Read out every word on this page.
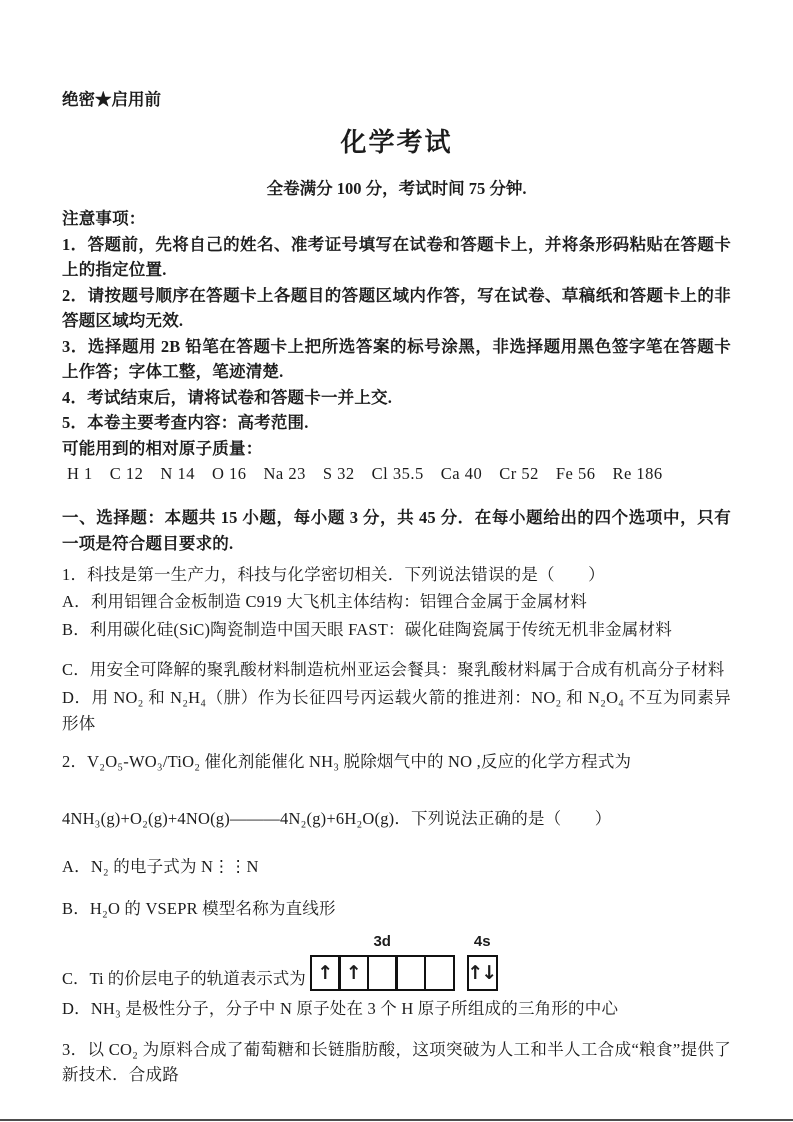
绝密★启用前
化学考试
全卷满分 100 分，考试时间 75 分钟.
注意事项：
1．答题前，先将自己的姓名、准考证号填写在试卷和答题卡上，并将条形码粘贴在答题卡上的指定位置.
2．请按题号顺序在答题卡上各题目的答题区域内作答，写在试卷、草稿纸和答题卡上的非答题区域均无效.
3．选择题用 2B 铅笔在答题卡上把所选答案的标号涂黑，非选择题用黑色签字笔在答题卡上作答；字体工整，笔迹清楚.
4．考试结束后，请将试卷和答题卡一并上交.
5．本卷主要考查内容：高考范围.
可能用到的相对原子质量：
H 1　C 12　N 14　O 16　Na 23　S 32　Cl 35.5　Ca 40　Cr 52　Fe 56　Re 186
一、选择题：本题共 15 小题，每小题 3 分，共 45 分．在每小题给出的四个选项中，只有一项是符合题目要求的.
1．科技是第一生产力，科技与化学密切相关．下列说法错误的是（　　）
A．利用铝锂合金板制造 C919 大飞机主体结构：铝锂合金属于金属材料
B．利用碳化硅(SiC)陶瓷制造中国天眼 FAST：碳化硅陶瓷属于传统无机非金属材料
C．用安全可降解的聚乳酸材料制造杭州亚运会餐具：聚乳酸材料属于合成有机高分子材料
D．用 NO₂ 和 N₂H₄（肼）作为长征四号丙运载火箭的推进剂：NO₂ 和 N₂O₄ 不互为同素异形体
2．V₂O₅-WO₃/TiO₂ 催化剂能催化 NH₃ 脱除烟气中的 NO ,反应的化学方程式为
4NH₃(g)+O₂(g)+4NO(g)———4N₂(g)+6H₂O(g)．下列说法正确的是（　　）
A．N₂ 的电子式为 N⋮⋮N
B．H₂O 的 VSEPR 模型名称为直线形
C．Ti 的价层电子的轨道表示式为
3d
↑ ↑
4s
↑↓
D．NH₃ 是极性分子，分子中 N 原子处在 3 个 H 原子所组成的三角形的中心
3．以 CO₂ 为原料合成了葡萄糖和长链脂肪酸，这项突破为人工和半人工合成“粮食”提供了新技术．合成路
